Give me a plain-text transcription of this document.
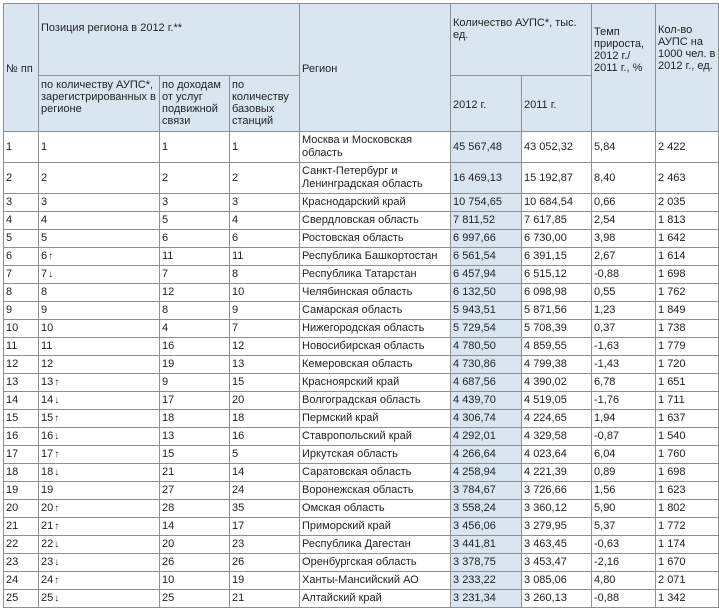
№ пп	Позиция региона в 2012 г.**			Регион	Количество АУПС*, тыс. ед.		Темп прироста, 2012 г./ 2011 г., %	Кол-во АУПС на 1000 чел. в 2012 г., ед.
	по количеству АУПС*, зарегистрированных в регионе	по доходам от услуг подвижной связи	по количеству базовых станций		2012 г.	2011 г.		
1	1	1	1	Москва и Московская область	45 567,48	43 052,32	5,84	2 422
2	2	2	2	Санкт-Петербург и Ленинградская область	16 469,13	15 192,87	8,40	2 463
3	3	3	3	Краснодарский край	10 754,65	10 684,54	0,66	2 035
4	4	5	4	Свердловская область	7 811,52	7 617,85	2,54	1 813
5	5	6	6	Ростовская область	6 997,66	6 730,00	3,98	1 642
6	6↑	11	11	Республика Башкортостан	6 561,54	6 391,15	2,67	1 614
7	7↓	7	8	Республика Татарстан	6 457,94	6 515,12	-0,88	1 698
8	8	12	10	Челябинская область	6 132,50	6 098,98	0,55	1 762
9	9	8	9	Самарская область	5 943,51	5 871,56	1,23	1 849
10	10	4	7	Нижегородская область	5 729,54	5 708,39	0,37	1 738
11	11	16	12	Новосибирская область	4 780,50	4 859,55	-1,63	1 779
12	12	19	13	Кемеровская область	4 730,86	4 799,38	-1,43	1 720
13	13↑	9	15	Красноярский край	4 687,56	4 390,02	6,78	1 651
14	14↓	17	20	Волгоградская область	4 439,70	4 519,05	-1,76	1 711
15	15↑	18	18	Пермский край	4 306,74	4 224,65	1,94	1 637
16	16↓	13	16	Ставропольский край	4 292,01	4 329,58	-0,87	1 540
17	17↑	15	5	Иркутская область	4 266,64	4 023,64	6,04	1 760
18	18↓	21	14	Саратовская область	4 258,94	4 221,39	0,89	1 698
19	19	27	24	Воронежская область	3 784,67	3 726,66	1,56	1 623
20	20↑	28	35	Омская область	3 558,24	3 360,12	5,90	1 802
21	21↑	14	17	Приморский край	3 456,06	3 279,95	5,37	1 772
22	22↓	20	23	Республика Дагестан	3 441,81	3 463,45	-0,63	1 174
23	23↓	26	26	Оренбургская область	3 378,75	3 453,47	-2,16	1 670
24	24↑	10	19	Ханты-Мансийский АО	3 233,22	3 085,06	4,80	2 071
25	25↓	25	21	Алтайский край	3 231,34	3 260,13	-0,88	1 342
